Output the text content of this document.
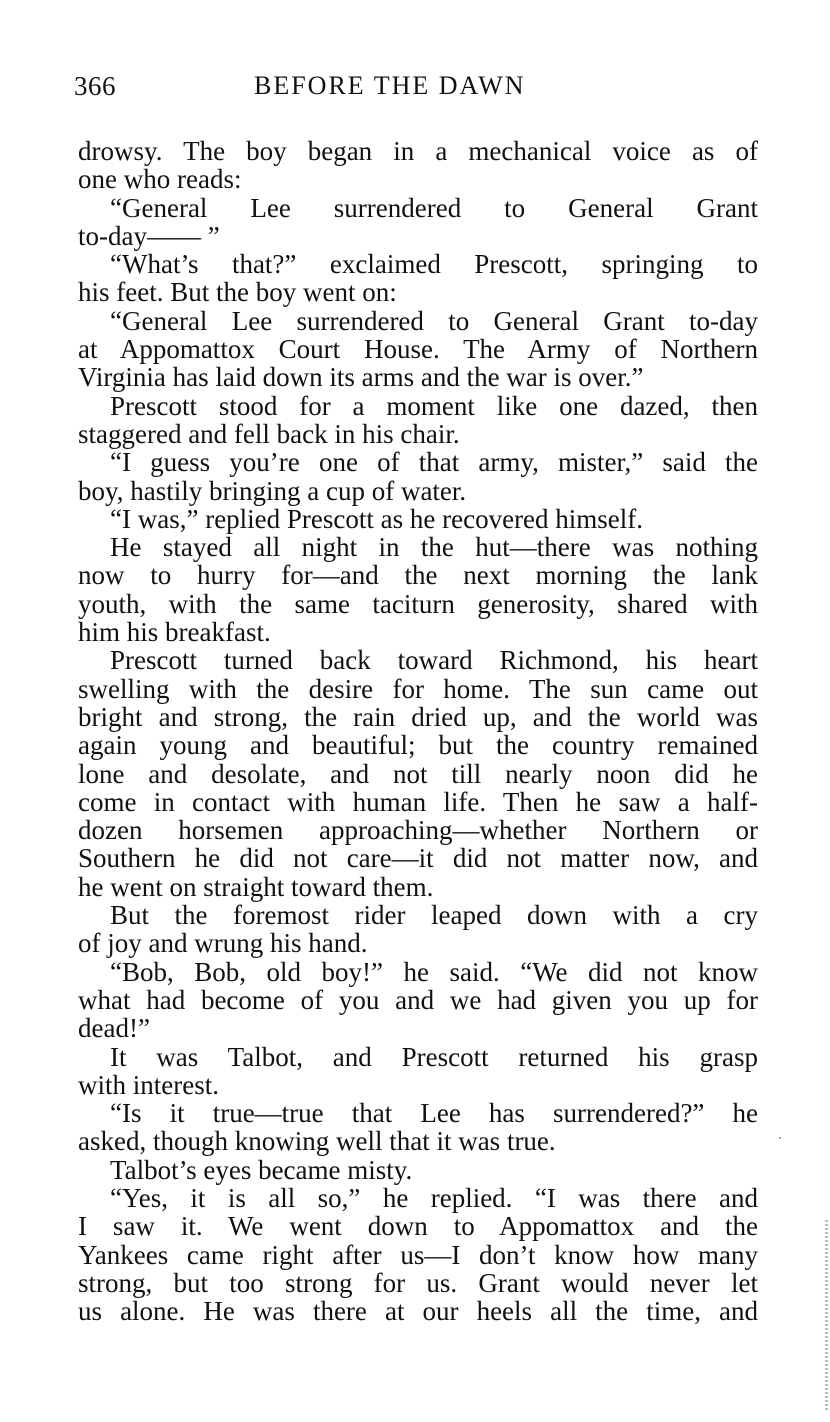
366	BEFORE THE DAWN
drowsy. The boy began in a mechanical voice as of
one who reads:
“General Lee surrendered to General Grant
to-day—— ”
“What’s that?” exclaimed Prescott, springing to
his feet. But the boy went on:
“General Lee surrendered to General Grant to-day
at Appomattox Court House. The Army of Northern
Virginia has laid down its arms and the war is over.”
Prescott stood for a moment like one dazed, then
staggered and fell back in his chair.
“I guess you’re one of that army, mister,” said the
boy, hastily bringing a cup of water.
“I was,” replied Prescott as he recovered himself.
He stayed all night in the hut—there was nothing
now to hurry for—and the next morning the lank
youth, with the same taciturn generosity, shared with
him his breakfast.
Prescott turned back toward Richmond, his heart
swelling with the desire for home. The sun came out
bright and strong, the rain dried up, and the world was
again young and beautiful; but the country remained
lone and desolate, and not till nearly noon did he
come in contact with human life. Then he saw a half-
dozen horsemen approaching—whether Northern or
Southern he did not care—it did not matter now, and
he went on straight toward them.
But the foremost rider leaped down with a cry
of joy and wrung his hand.
“Bob, Bob, old boy!” he said. “We did not know
what had become of you and we had given you up for
dead!”
It was Talbot, and Prescott returned his grasp
with interest.
“Is it true—true that Lee has surrendered?” he
asked, though knowing well that it was true.
Talbot’s eyes became misty.
“Yes, it is all so,” he replied. “I was there and
I saw it. We went down to Appomattox and the
Yankees came right after us—I don’t know how many
strong, but too strong for us. Grant would never let
us alone. He was there at our heels all the time, and
